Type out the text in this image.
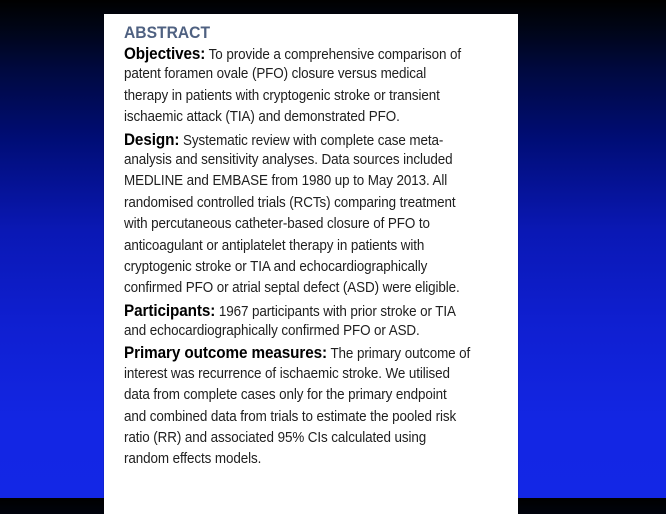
ABSTRACT
Objectives: To provide a comprehensive comparison of
patent foramen ovale (PFO) closure versus medical
therapy in patients with cryptogenic stroke or transient
ischaemic attack (TIA) and demonstrated PFO.
Design: Systematic review with complete case meta-
analysis and sensitivity analyses. Data sources included
MEDLINE and EMBASE from 1980 up to May 2013. All
randomised controlled trials (RCTs) comparing treatment
with percutaneous catheter-based closure of PFO to
anticoagulant or antiplatelet therapy in patients with
cryptogenic stroke or TIA and echocardiographically
confirmed PFO or atrial septal defect (ASD) were eligible.
Participants: 1967 participants with prior stroke or TIA
and echocardiographically confirmed PFO or ASD.
Primary outcome measures: The primary outcome of
interest was recurrence of ischaemic stroke. We utilised
data from complete cases only for the primary endpoint
and combined data from trials to estimate the pooled risk
ratio (RR) and associated 95% CIs calculated using
random effects models.
